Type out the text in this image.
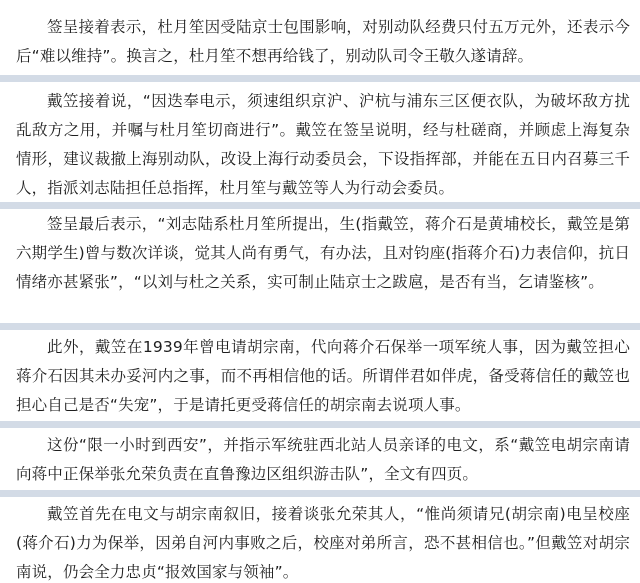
签呈接着表示，杜月笙因受陆京士包围影响，对别动队经费只付五万元外，还表示今后“难以维持”。换言之，杜月笙不想再给钱了，别动队司令王敬久遂请辞。

戴笠接着说，“因迭奉电示，须速组织京沪、沪杭与浦东三区便衣队，为破坏敌方扰乱敌方之用，并嘱与杜月笙切商进行”。戴笠在签呈说明，经与杜磋商，并顾虑上海复杂情形，建议裁撤上海别动队，改设上海行动委员会，下设指挥部，并能在五日内召募三千人，指派刘志陆担任总指挥，杜月笙与戴笠等人为行动会委员。

签呈最后表示，“刘志陆系杜月笙所提出，生(指戴笠，蒋介石是黄埔校长，戴笠是第六期学生)曾与数次详谈，觉其人尚有勇气，有办法，且对钧座(指蒋介石)力表信仰，抗日情绪亦甚紧张”，“以刘与杜之关系，实可制止陆京士之跋扈，是否有当，乞请鉴核”。

此外，戴笠在1939年曾电请胡宗南，代向蒋介石保举一项军统人事，因为戴笠担心蒋介石因其未办妥河内之事，而不再相信他的话。所谓伴君如伴虎，备受蒋信任的戴笠也担心自己是否“失宠”，于是请托更受蒋信任的胡宗南去说项人事。

这份“限一小时到西安”，并指示军统驻西北站人员亲译的电文，系“戴笠电胡宗南请向蒋中正保举张允荣负责在直鲁豫边区组织游击队”，全文有四页。

戴笠首先在电文与胡宗南叙旧，接着谈张允荣其人，“惟尚须请兄(胡宗南)电呈校座(蒋介石)力为保举，因弟自河内事败之后，校座对弟所言，恐不甚相信也。”但戴笠对胡宗南说，仍会全力忠贞“报效国家与领袖”。
